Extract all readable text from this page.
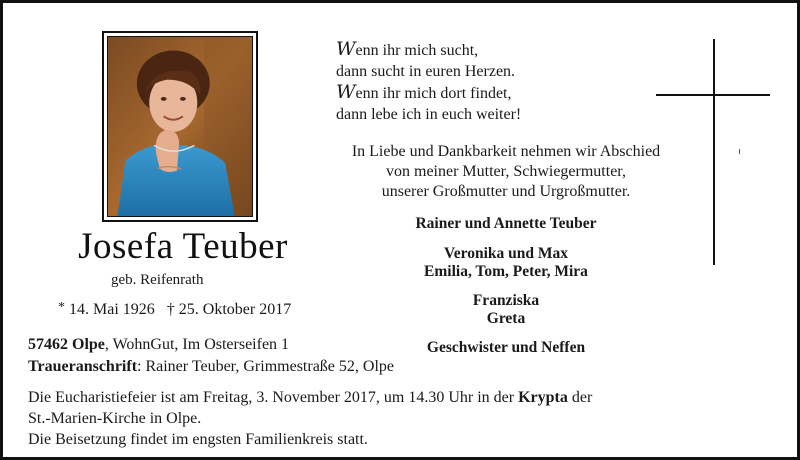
Josefa Teuber
geb. Reifenrath
* 14. Mai 1926 † 25. Oktober 2017
57462 Olpe, WohnGut, Im Osterseifen 1
Traueranschrift: Rainer Teuber, Grimmestraße 52, Olpe

Die Eucharistiefeier ist am Freitag, 3. November 2017, um 14.30 Uhr in der Krypta der

St.-Marien-Kirche in Olpe.

Die Beisetzung findet im engsten Familienkreis statt.

Wenn ihr mich sucht,
dann sucht in euren Herzen.
Wenn ihr mich dort findet,
dann lebe ich in euch weiter!
In Liebe und Dankbarkeit nehmen wir Abschied
von meiner Mutter, Schwiegermutter,
unserer Großmutter und Urgroßmutter.
Rainer und Annette Teuber
Veronika und Max
Emilia, Tom, Peter, Mira
Franziska
Greta
Geschwister und Neffen
